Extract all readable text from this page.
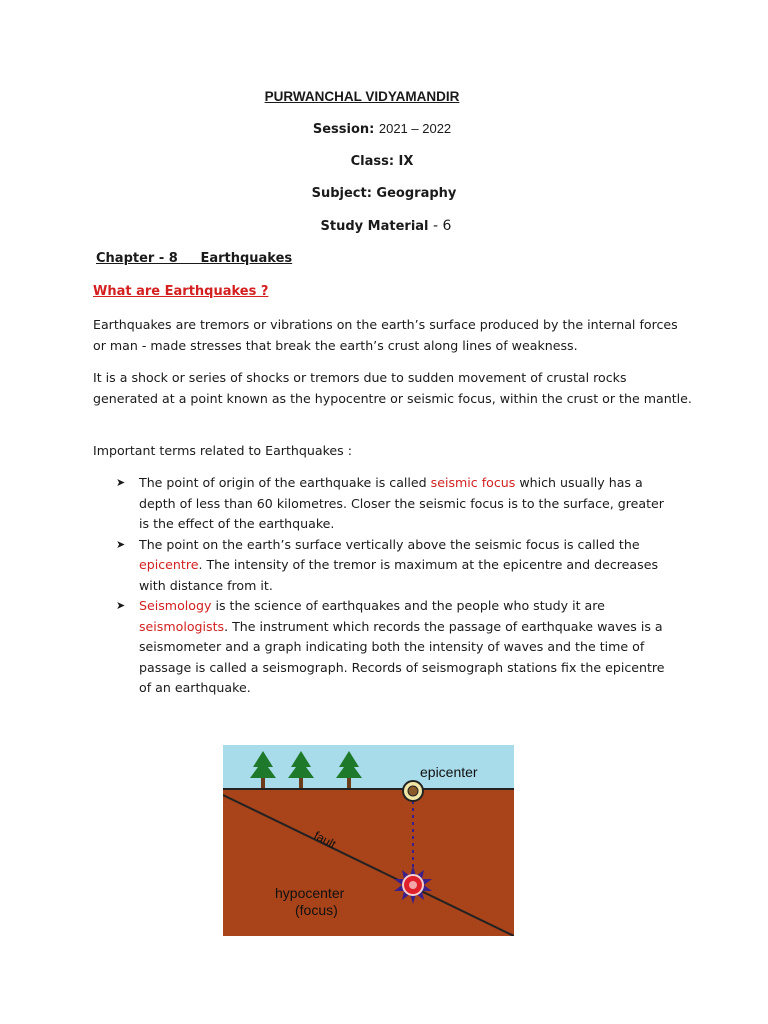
PURWANCHAL VIDYAMANDIR
Session: 2021 – 2022
Class: IX
Subject: Geography
Study Material - 6
Chapter - 8     Earthquakes
What are Earthquakes ?
Earthquakes are tremors or vibrations on the earth’s surface produced by the internal forces or man - made stresses that break the earth’s crust along lines of weakness.
It is a shock or series of shocks or tremors due to sudden movement of crustal rocks generated at a point known as the hypocentre or seismic focus, within the crust or the mantle.
Important terms related to Earthquakes :
➤ The point of origin of the earthquake is called seismic focus which usually has a depth of less than 60 kilometres. Closer the seismic focus is to the surface, greater is the effect of the earthquake.
➤ The point on the earth’s surface vertically above the seismic focus is called the epicentre. The intensity of the tremor is maximum at the epicentre and decreases with distance from it.
➤ Seismology is the science of earthquakes and the people who study it are seismologists. The instrument which records the passage of earthquake waves is a seismometer and a graph indicating both the intensity of waves and the time of passage is called a seismograph. Records of seismograph stations fix the epicentre of an earthquake.
epicenter
fault
hypocenter
(focus)
